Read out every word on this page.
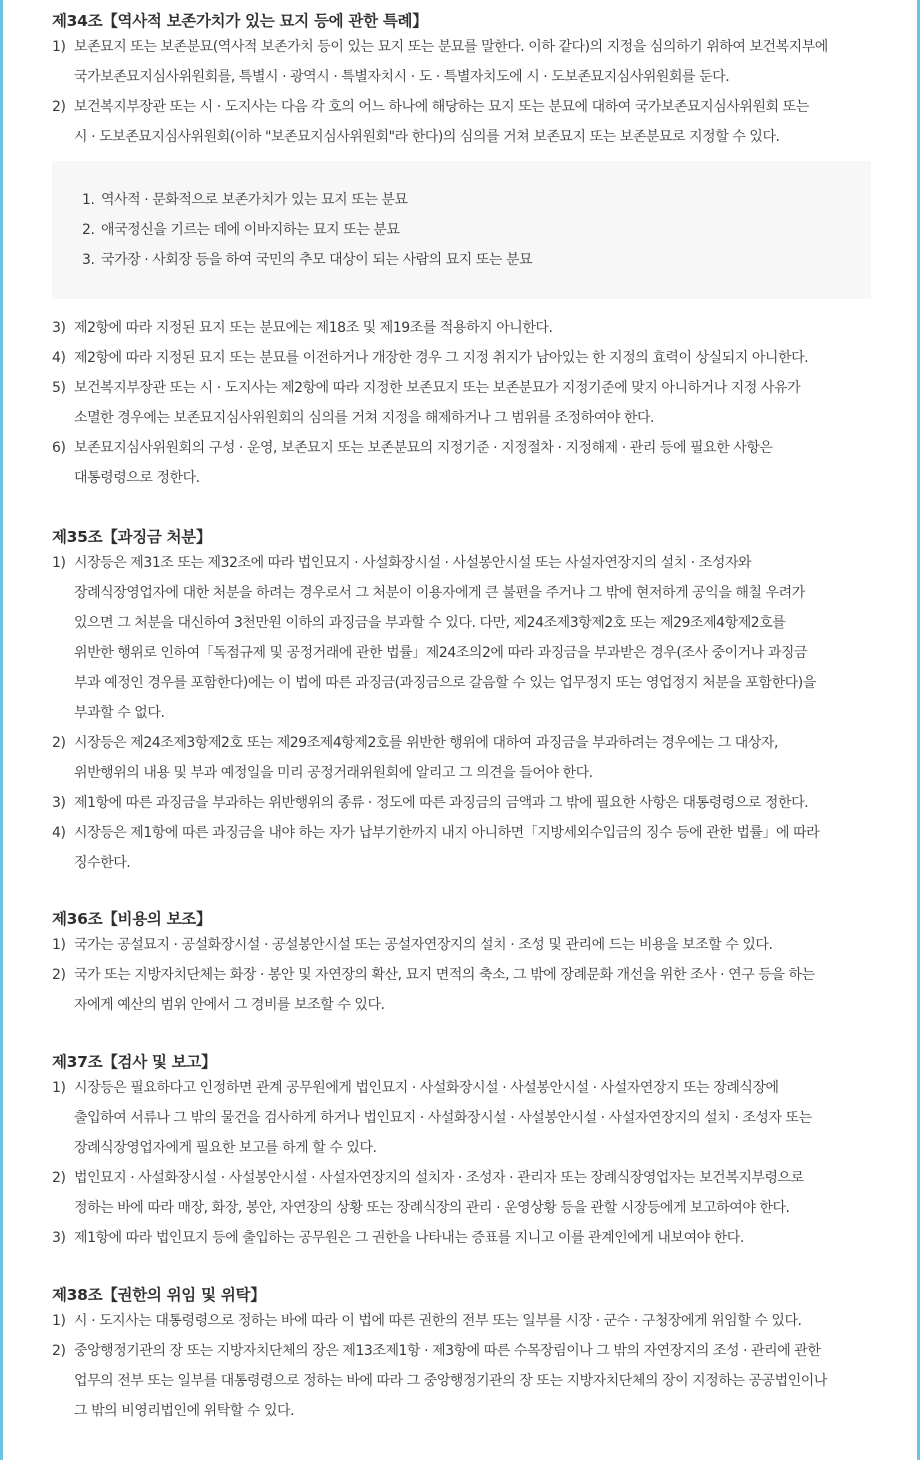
제34조【역사적 보존가치가 있는 묘지 등에 관한 특례】
1) 보존묘지 또는 보존분묘(역사적 보존가치 등이 있는 묘지 또는 분묘를 말한다. 이하 같다)의 지정을 심의하기 위하여 보건복지부에
국가보존묘지심사위원회를, 특별시 · 광역시 · 특별자치시 · 도 · 특별자치도에 시 · 도보존묘지심사위원회를 둔다.
2) 보건복지부장관 또는 시 · 도지사는 다음 각 호의 어느 하나에 해당하는 묘지 또는 분묘에 대하여 국가보존묘지심사위원회 또는
시 · 도보존묘지심사위원회(이하 "보존묘지심사위원회"라 한다)의 심의를 거쳐 보존묘지 또는 보존분묘로 지정할 수 있다.
1. 역사적 · 문화적으로 보존가치가 있는 묘지 또는 분묘
2. 애국정신을 기르는 데에 이바지하는 묘지 또는 분묘
3. 국가장 · 사회장 등을 하여 국민의 추모 대상이 되는 사람의 묘지 또는 분묘
3) 제2항에 따라 지정된 묘지 또는 분묘에는 제18조 및 제19조를 적용하지 아니한다.
4) 제2항에 따라 지정된 묘지 또는 분묘를 이전하거나 개장한 경우 그 지정 취지가 남아있는 한 지정의 효력이 상실되지 아니한다.
5) 보건복지부장관 또는 시 · 도지사는 제2항에 따라 지정한 보존묘지 또는 보존분묘가 지정기준에 맞지 아니하거나 지정 사유가
소멸한 경우에는 보존묘지심사위원회의 심의를 거쳐 지정을 해제하거나 그 범위를 조정하여야 한다.
6) 보존묘지심사위원회의 구성 · 운영, 보존묘지 또는 보존분묘의 지정기준 · 지정절차 · 지정해제 · 관리 등에 필요한 사항은
대통령령으로 정한다.
제35조【과징금 처분】
1) 시장등은 제31조 또는 제32조에 따라 법인묘지 · 사설화장시설 · 사설봉안시설 또는 사설자연장지의 설치 · 조성자와
장례식장영업자에 대한 처분을 하려는 경우로서 그 처분이 이용자에게 큰 불편을 주거나 그 밖에 현저하게 공익을 해칠 우려가
있으면 그 처분을 대신하여 3천만원 이하의 과징금을 부과할 수 있다. 다만, 제24조제3항제2호 또는 제29조제4항제2호를
위반한 행위로 인하여「독점규제 및 공정거래에 관한 법률」제24조의2에 따라 과징금을 부과받은 경우(조사 중이거나 과징금
부과 예정인 경우를 포함한다)에는 이 법에 따른 과징금(과징금으로 갈음할 수 있는 업무정지 또는 영업정지 처분을 포함한다)을
부과할 수 없다.
2) 시장등은 제24조제3항제2호 또는 제29조제4항제2호를 위반한 행위에 대하여 과징금을 부과하려는 경우에는 그 대상자,
위반행위의 내용 및 부과 예정일을 미리 공정거래위원회에 알리고 그 의견을 들어야 한다.
3) 제1항에 따른 과징금을 부과하는 위반행위의 종류 · 정도에 따른 과징금의 금액과 그 밖에 필요한 사항은 대통령령으로 정한다.
4) 시장등은 제1항에 따른 과징금을 내야 하는 자가 납부기한까지 내지 아니하면「지방세외수입금의 징수 등에 관한 법률」에 따라
징수한다.
제36조【비용의 보조】
1) 국가는 공설묘지 · 공설화장시설 · 공설봉안시설 또는 공설자연장지의 설치 · 조성 및 관리에 드는 비용을 보조할 수 있다.
2) 국가 또는 지방자치단체는 화장 · 봉안 및 자연장의 확산, 묘지 면적의 축소, 그 밖에 장례문화 개선을 위한 조사 · 연구 등을 하는
자에게 예산의 범위 안에서 그 경비를 보조할 수 있다.
제37조【검사 및 보고】
1) 시장등은 필요하다고 인정하면 관계 공무원에게 법인묘지 · 사설화장시설 · 사설봉안시설 · 사설자연장지 또는 장례식장에
출입하여 서류나 그 밖의 물건을 검사하게 하거나 법인묘지 · 사설화장시설 · 사설봉안시설 · 사설자연장지의 설치 · 조성자 또는
장례식장영업자에게 필요한 보고를 하게 할 수 있다.
2) 법인묘지 · 사설화장시설 · 사설봉안시설 · 사설자연장지의 설치자 · 조성자 · 관리자 또는 장례식장영업자는 보건복지부령으로
정하는 바에 따라 매장, 화장, 봉안, 자연장의 상황 또는 장례식장의 관리 · 운영상황 등을 관할 시장등에게 보고하여야 한다.
3) 제1항에 따라 법인묘지 등에 출입하는 공무원은 그 권한을 나타내는 증표를 지니고 이를 관계인에게 내보여야 한다.
제38조【권한의 위임 및 위탁】
1) 시 · 도지사는 대통령령으로 정하는 바에 따라 이 법에 따른 권한의 전부 또는 일부를 시장 · 군수 · 구청장에게 위임할 수 있다.
2) 중앙행정기관의 장 또는 지방자치단체의 장은 제13조제1항 · 제3항에 따른 수목장림이나 그 밖의 자연장지의 조성 · 관리에 관한
업무의 전부 또는 일부를 대통령령으로 정하는 바에 따라 그 중앙행정기관의 장 또는 지방자치단체의 장이 지정하는 공공법인이나
그 밖의 비영리법인에 위탁할 수 있다.
